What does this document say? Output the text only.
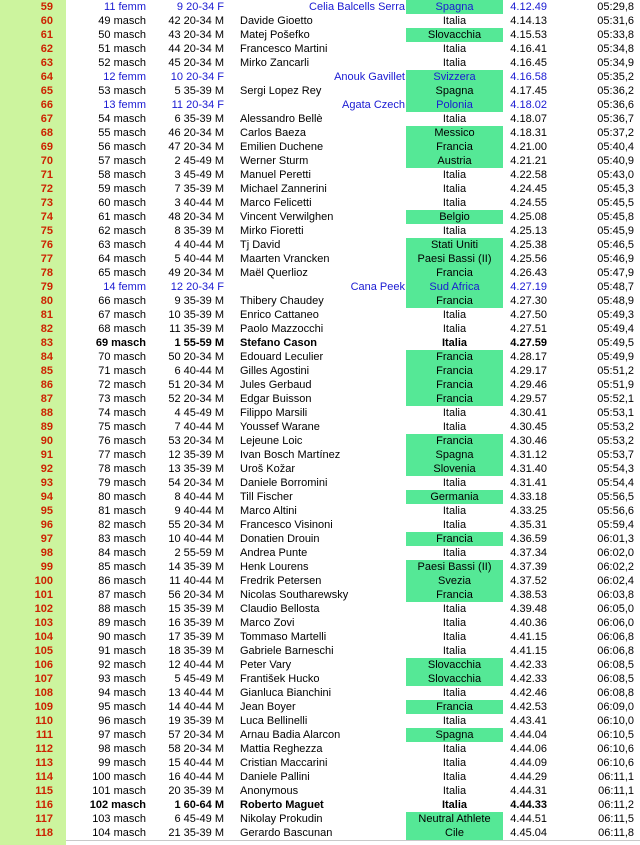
59	11 femm	9 20-34 F	Celia Balcells Serra	Spagna	4.12.49	05:29,8
60	49 masch	42 20-34 M	Davide Gioetto	Italia	4.14.13	05:31,6
61	50 masch	43 20-34 M	Matej Pošefko	Slovacchia	4.15.53	05:33,8
62	51 masch	44 20-34 M	Francesco Martini	Italia	4.16.41	05:34,8
63	52 masch	45 20-34 M	Mirko Zancarli	Italia	4.16.45	05:34,9
64	12 femm	10 20-34 F	Anouk Gavillet	Svizzera	4.16.58	05:35,2
65	53 masch	5 35-39 M	Sergi Lopez Rey	Spagna	4.17.45	05:36,2
66	13 femm	11 20-34 F	Agata Czech	Polonia	4.18.02	05:36,6
67	54 masch	6 35-39 M	Alessandro Bellè	Italia	4.18.07	05:36,7
68	55 masch	46 20-34 M	Carlos Baeza	Messico	4.18.31	05:37,2
69	56 masch	47 20-34 M	Emilien Duchene	Francia	4.21.00	05:40,4
70	57 masch	2 45-49 M	Werner Sturm	Austria	4.21.21	05:40,9
71	58 masch	3 45-49 M	Manuel Peretti	Italia	4.22.58	05:43,0
72	59 masch	7 35-39 M	Michael Zannerini	Italia	4.24.45	05:45,3
73	60 masch	3 40-44 M	Marco Felicetti	Italia	4.24.55	05:45,5
74	61 masch	48 20-34 M	Vincent Verwilghen	Belgio	4.25.08	05:45,8
75	62 masch	8 35-39 M	Mirko Fioretti	Italia	4.25.13	05:45,9
76	63 masch	4 40-44 M	Tj David	Stati Uniti	4.25.38	05:46,5
77	64 masch	5 40-44 M	Maarten Vrancken	Paesi Bassi (II)	4.25.56	05:46,9
78	65 masch	49 20-34 M	Maël Querlioz	Francia	4.26.43	05:47,9
79	14 femm	12 20-34 F	Cana Peek	Sud Africa	4.27.19	05:48,7
80	66 masch	9 35-39 M	Thibery Chaudey	Francia	4.27.30	05:48,9
81	67 masch	10 35-39 M	Enrico Cattaneo	Italia	4.27.50	05:49,3
82	68 masch	11 35-39 M	Paolo Mazzocchi	Italia	4.27.51	05:49,4
83	69 masch	1 55-59 M	Stefano Cason	Italia	4.27.59	05:49,5
84	70 masch	50 20-34 M	Edouard Leculier	Francia	4.28.17	05:49,9
85	71 masch	6 40-44 M	Gilles Agostini	Francia	4.29.17	05:51,2
86	72 masch	51 20-34 M	Jules Gerbaud	Francia	4.29.46	05:51,9
87	73 masch	52 20-34 M	Edgar Buisson	Francia	4.29.57	05:52,1
88	74 masch	4 45-49 M	Filippo Marsili	Italia	4.30.41	05:53,1
89	75 masch	7 40-44 M	Youssef Warane	Italia	4.30.45	05:53,2
90	76 masch	53 20-34 M	Lejeune Loic	Francia	4.30.46	05:53,2
91	77 masch	12 35-39 M	Ivan Bosch Martínez	Spagna	4.31.12	05:53,7
92	78 masch	13 35-39 M	Uroš Kožar	Slovenia	4.31.40	05:54,3
93	79 masch	54 20-34 M	Daniele Borromini	Italia	4.31.41	05:54,4
94	80 masch	8 40-44 M	Till Fischer	Germania	4.33.18	05:56,5
95	81 masch	9 40-44 M	Marco Altini	Italia	4.33.25	05:56,6
96	82 masch	55 20-34 M	Francesco Visinoni	Italia	4.35.31	05:59,4
97	83 masch	10 40-44 M	Donatien Drouin	Francia	4.36.59	06:01,3
98	84 masch	2 55-59 M	Andrea Punte	Italia	4.37.34	06:02,0
99	85 masch	14 35-39 M	Henk Lourens	Paesi Bassi (II)	4.37.39	06:02,2
100	86 masch	11 40-44 M	Fredrik Petersen	Svezia	4.37.52	06:02,4
101	87 masch	56 20-34 M	Nicolas Southarewsky	Francia	4.38.53	06:03,8
102	88 masch	15 35-39 M	Claudio Bellosta	Italia	4.39.48	06:05,0
103	89 masch	16 35-39 M	Marco Zovi	Italia	4.40.36	06:06,0
104	90 masch	17 35-39 M	Tommaso Martelli	Italia	4.41.15	06:06,8
105	91 masch	18 35-39 M	Gabriele Barneschi	Italia	4.41.15	06:06,8
106	92 masch	12 40-44 M	Peter Vary	Slovacchia	4.42.33	06:08,5
107	93 masch	5 45-49 M	František Hucko	Slovacchia	4.42.33	06:08,5
108	94 masch	13 40-44 M	Gianluca Bianchini	Italia	4.42.46	06:08,8
109	95 masch	14 40-44 M	Jean Boyer	Francia	4.42.53	06:09,0
110	96 masch	19 35-39 M	Luca Bellinelli	Italia	4.43.41	06:10,0
111	97 masch	57 20-34 M	Arnau Badia Alarcon	Spagna	4.44.04	06:10,5
112	98 masch	58 20-34 M	Mattia Reghezza	Italia	4.44.06	06:10,6
113	99 masch	15 40-44 M	Cristian Maccarini	Italia	4.44.09	06:10,6
114	100 masch	16 40-44 M	Daniele Pallini	Italia	4.44.29	06:11,1
115	101 masch	20 35-39 M	Anonymous	Italia	4.44.31	06:11,1
116	102 masch	1 60-64 M	Roberto Maguet	Italia	4.44.33	06:11,2
117	103 masch	6 45-49 M	Nikolay Prokudin	Neutral Athlete	4.44.51	06:11,5
118	104 masch	21 35-39 M	Gerardo Bascunan	Cile	4.45.04	06:11,8
